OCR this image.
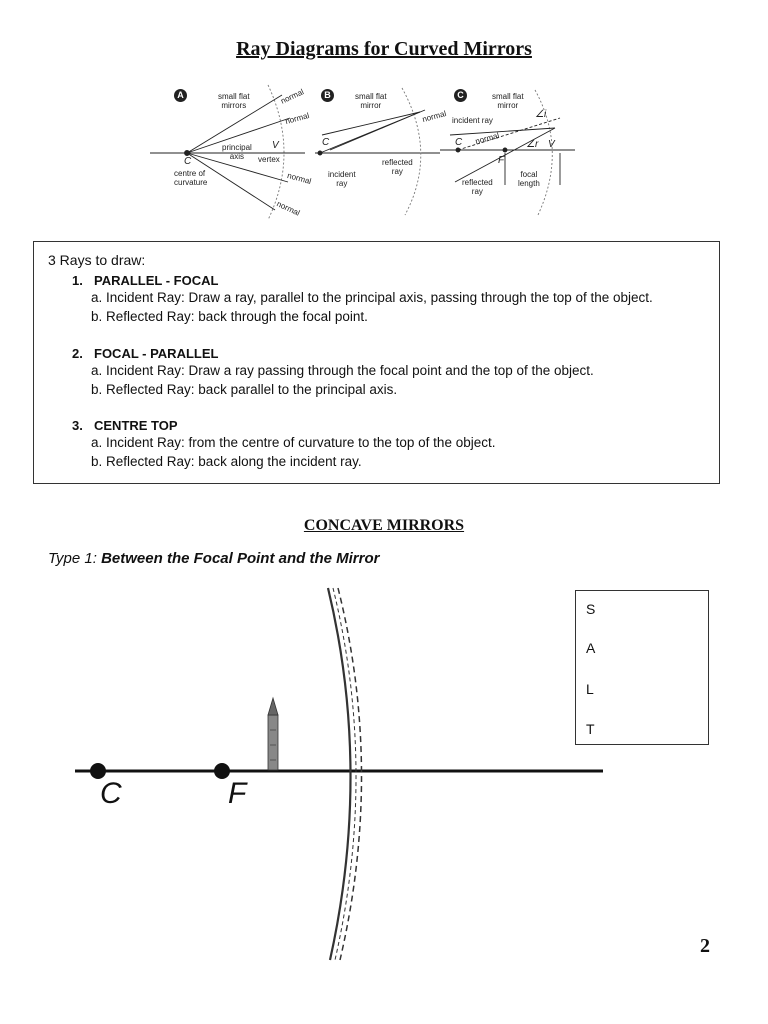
Ray Diagrams for Curved Mirrors
A	small flat
mirrors	normal
normal
principal
axis	vertex
V
C
centre of
curvature	normal
normal
B	small flat
mirror
normal
C
reflected
ray
incident
ray
C	small flat
mirror
incident ray
∠i
normal
C
F
∠r V
reflected
ray
focal
length
3 Rays to draw:
1. PARALLEL - FOCAL
a. Incident Ray: Draw a ray, parallel to the principal axis, passing through the top of the object.
b. Reflected Ray: back through the focal point.
2. FOCAL - PARALLEL
a. Incident Ray: Draw a ray passing through the focal point and the top of the object.
b. Reflected Ray: back parallel to the principal axis.
3. CENTRE TOP
a. Incident Ray: from the centre of curvature to the top of the object.
b. Reflected Ray: back along the incident ray.
CONCAVE MIRRORS
Type 1: Between the Focal Point and the Mirror
C	F
S
A
L
T
2
